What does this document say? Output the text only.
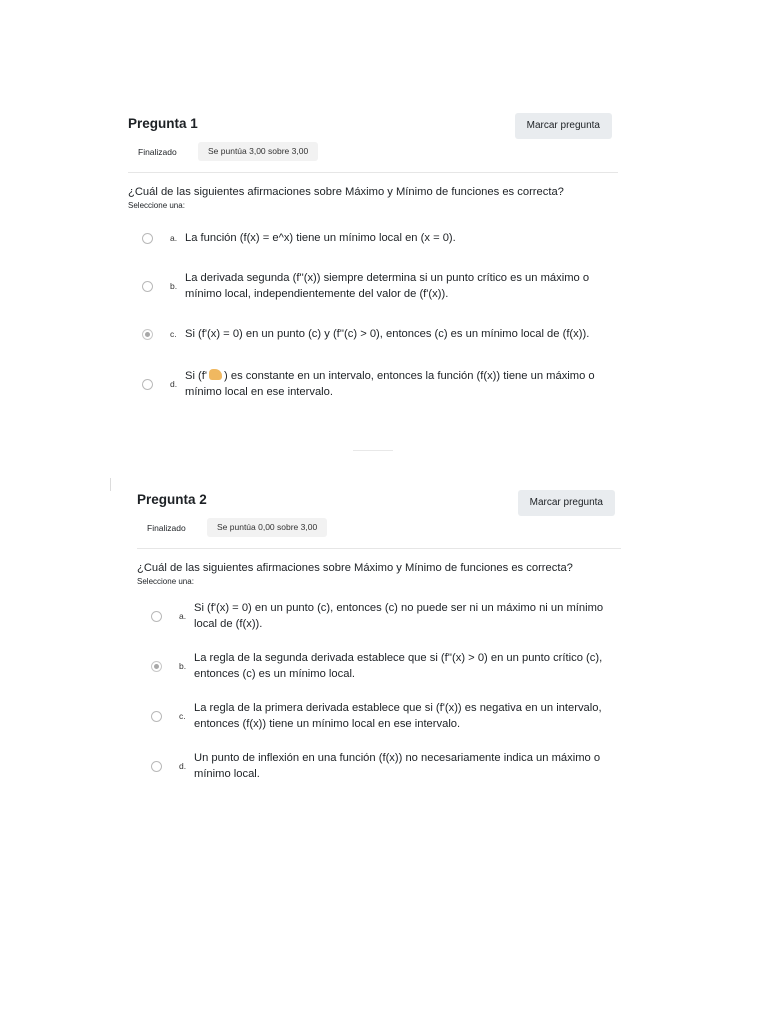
Pregunta 1	Marcar pregunta
Finalizado	Se puntúa 3,00 sobre 3,00
¿Cuál de las siguientes afirmaciones sobre Máximo y Mínimo de funciones es correcta?
Seleccione una:
a. La función (f(x) = e^x) tiene un mínimo local en (x = 0).
b.
La derivada segunda (f''(x)) siempre determina si un punto crítico es un máximo o mínimo local, independientemente del valor de (f'(x)).
c. Si (f'(x) = 0) en un punto (c) y (f''(c) > 0), entonces (c) es un mínimo local de (f(x)).
d.
Si (f' ) es constante en un intervalo, entonces la función (f(x)) tiene un máximo o mínimo local en ese intervalo.
Pregunta 2	Marcar pregunta
Finalizado	Se puntúa 0,00 sobre 3,00
¿Cuál de las siguientes afirmaciones sobre Máximo y Mínimo de funciones es correcta?
Seleccione una:
a.
Si (f'(x) = 0) en un punto (c), entonces (c) no puede ser ni un máximo ni un mínimo local de (f(x)).
b.
La regla de la segunda derivada establece que si (f''(x) > 0) en un punto crítico (c), entonces (c) es un mínimo local.
c.
La regla de la primera derivada establece que si (f'(x)) es negativa en un intervalo, entonces (f(x)) tiene un mínimo local en ese intervalo.
d.
Un punto de inflexión en una función (f(x)) no necesariamente indica un máximo o mínimo local.
